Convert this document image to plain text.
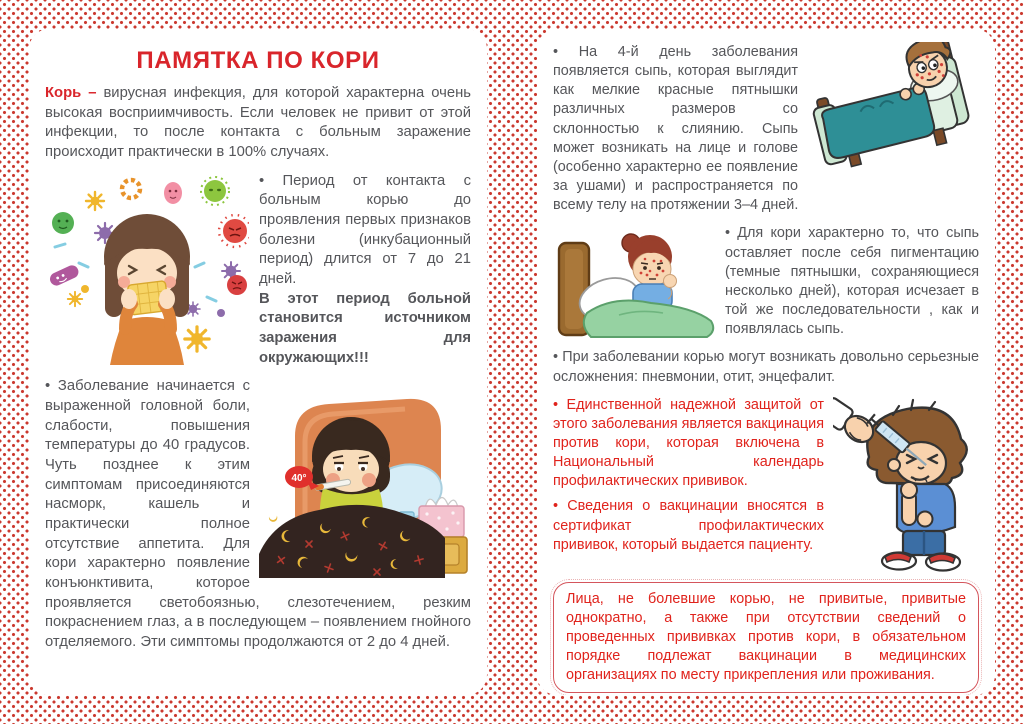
ПАМЯТКА ПО КОРИ

Корь – вирусная инфекция, для которой характерна очень высокая восприимчивость. Если человек не привит от этой инфекции, то после контакта с больным заражение происходит практически в 100% случаях.

• Период от контакта с больным корью до проявления первых признаков болезни (инкубационный период) длится от 7 до 21 дней.
В этот период больной становится источником заражения для окружающих!!!

40°

• Заболевание начинается с выраженной головной боли, слабости, повышения температуры до 40 градусов. Чуть позднее к этим симптомам присоединяются насморк, кашель и практически полное отсутствие аппетита. Для кори характерно появление конъюнктивита, которое проявляется светобоязнью, слезотечением, резким покраснением глаз, а в последующем – появлением гнойного отделяемого. Эти симптомы продолжаются от 2 до 4 дней.

• На 4-й день заболевания появляется сыпь, которая выглядит как мелкие красные пятнышки различных размеров со склонностью к слиянию. Сыпь может возникать на лице и голове (особенно характерно ее появление за ушами) и распространяется по всему телу на протяжении 3–4 дней.

• Для кори характерно то, что сыпь оставляет после себя пигментацию (темные пятнышки, сохраняющиеся несколько дней), которая исчезает в той же последовательности , как и появлялась сыпь.

• При заболевании корью могут возникать довольно серьезные осложнения: пневмонии, отит, энцефалит.

• Единственной надежной защитой от этого заболевания является вакцинация против кори, которая включена в Национальный календарь профилактических прививок.

• Сведения о вакцинации вносятся в сертификат профилактических прививок, который выдается пациенту.

Лица, не болевшие корью, не привитые, привитые однократно, а также при отсутствии сведений о проведенных прививках против кори, в обязательном порядке подлежат вакцинации в медицинских организациях по месту прикрепления или проживания.
